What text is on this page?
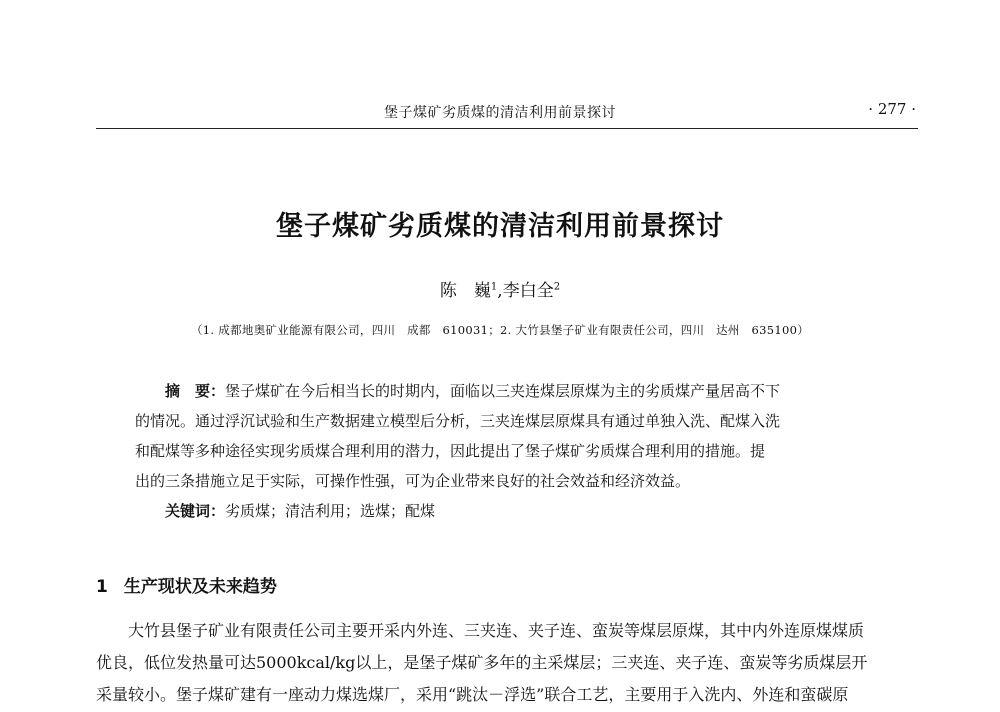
堡子煤矿劣质煤的清洁利用前景探讨	· 277 ·
堡子煤矿劣质煤的清洁利用前景探讨
陈　巍$^1$,李白全$^2$
（1. 成都地奥矿业能源有限公司，四川　成都　610031；2. 大竹县堡子矿业有限责任公司，四川　达州　635100）
摘　要：堡子煤矿在今后相当长的时期内，面临以三夹连煤层原煤为主的劣质煤产量居高不下
的情况。通过浮沉试验和生产数据建立模型后分析，三夹连煤层原煤具有通过单独入洗、配煤入洗
和配煤等多种途径实现劣质煤合理利用的潜力，因此提出了堡子煤矿劣质煤合理利用的措施。提
出的三条措施立足于实际，可操作性强，可为企业带来良好的社会效益和经济效益。
关键词：劣质煤；清洁利用；选煤；配煤
1 生产现状及未来趋势
大竹县堡子矿业有限责任公司主要开采内外连、三夹连、夹子连、蛮炭等煤层原煤，其中内外连原煤煤质
优良，低位发热量可达5000kcal/kg以上，是堡子煤矿多年的主采煤层；三夹连、夹子连、蛮炭等劣质煤层开
采量较小。堡子煤矿建有一座动力煤选煤厂，采用“跳汰－浮选”联合工艺，主要用于入洗内、外连和蛮碳原
